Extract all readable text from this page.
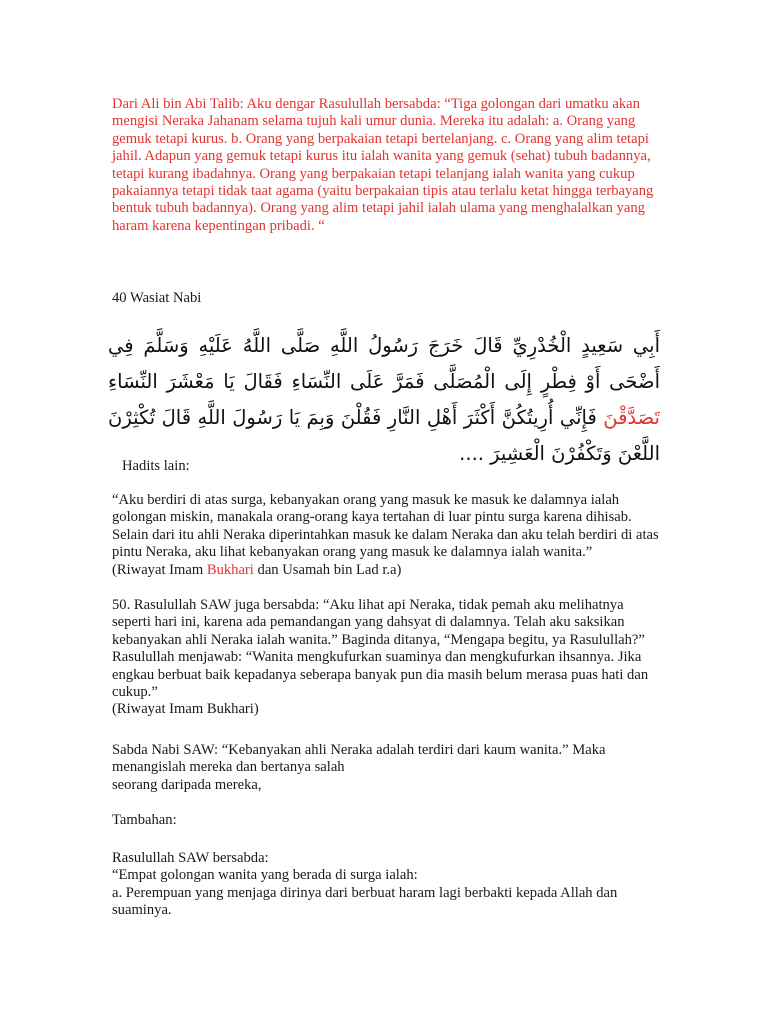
Dari Ali bin Abi Talib: Aku dengar Rasulullah bersabda: “Tiga golongan dari umatku akan mengisi Neraka Jahanam selama tujuh kali umur dunia. Mereka itu adalah: a. Orang yang gemuk tetapi kurus. b. Orang yang berpakaian tetapi bertelanjang. c. Orang yang alim tetapi jahil. Adapun yang gemuk tetapi kurus itu ialah wanita yang gemuk (sehat) tubuh badannya, tetapi kurang ibadahnya. Orang yang berpakaian tetapi telanjang ialah wanita yang cukup pakaiannya tetapi tidak taat agama (yaitu berpakaian tipis atau terlalu ketat hingga terbayang bentuk tubuh badannya). Orang yang alim tetapi jahil ialah ulama yang menghalalkan yang haram karena kepentingan pribadi. “

40 Wasiat Nabi

أَبِي سَعِيدٍ الْخُدْرِيِّ قَالَ خَرَجَ رَسُولُ اللَّهِ صَلَّى اللَّهُ عَلَيْهِ وَسَلَّمَ فِي أَضْحَى أَوْ فِطْرٍ إِلَى الْمُصَلَّى فَمَرَّ عَلَى النِّسَاءِ فَقَالَ يَا مَعْشَرَ النِّسَاءِ تَصَدَّقْنَ فَإِنِّي أُرِيتُكُنَّ أَكْثَرَ أَهْلِ النَّارِ فَقُلْنَ وَبِمَ يَا رَسُولَ اللَّهِ قَالَ تُكْثِرْنَ اللَّعْنَ وَتَكْفُرْنَ الْعَشِيرَ ....

Hadits lain:

“Aku berdiri di atas surga, kebanyakan orang yang masuk ke masuk ke dalamnya ialah golongan miskin, manakala orang-orang kaya tertahan di luar pintu surga karena dihisab. Selain dari itu ahli Neraka diperintahkan masuk ke dalam Neraka dan aku telah berdiri di atas pintu Neraka, aku lihat kebanyakan orang yang masuk ke dalamnya ialah wanita.”

(Riwayat Imam Bukhari dan Usamah bin Lad r.a)

50. Rasulullah SAW juga bersabda: “Aku lihat api Neraka, tidak pemah aku melihatnya seperti hari ini, karena ada pemandangan yang dahsyat di dalamnya. Telah aku saksikan kebanyakan ahli Neraka ialah wanita.” Baginda ditanya, “Mengapa begitu, ya Rasulullah?” Rasulullah menjawab: “Wanita mengkufurkan suaminya dan mengkufurkan ihsannya. Jika engkau berbuat baik kepadanya seberapa banyak pun dia masih belum merasa puas hati dan cukup.”

(Riwayat Imam Bukhari)

Sabda Nabi SAW: “Kebanyakan ahli Neraka adalah terdiri dari kaum wanita.” Maka menangislah mereka dan bertanya salah

seorang daripada mereka,

Tambahan:

Rasulullah SAW bersabda:

“Empat golongan wanita yang berada di surga ialah:

a. Perempuan yang menjaga dirinya dari berbuat haram lagi berbakti kepada Allah dan suaminya.
